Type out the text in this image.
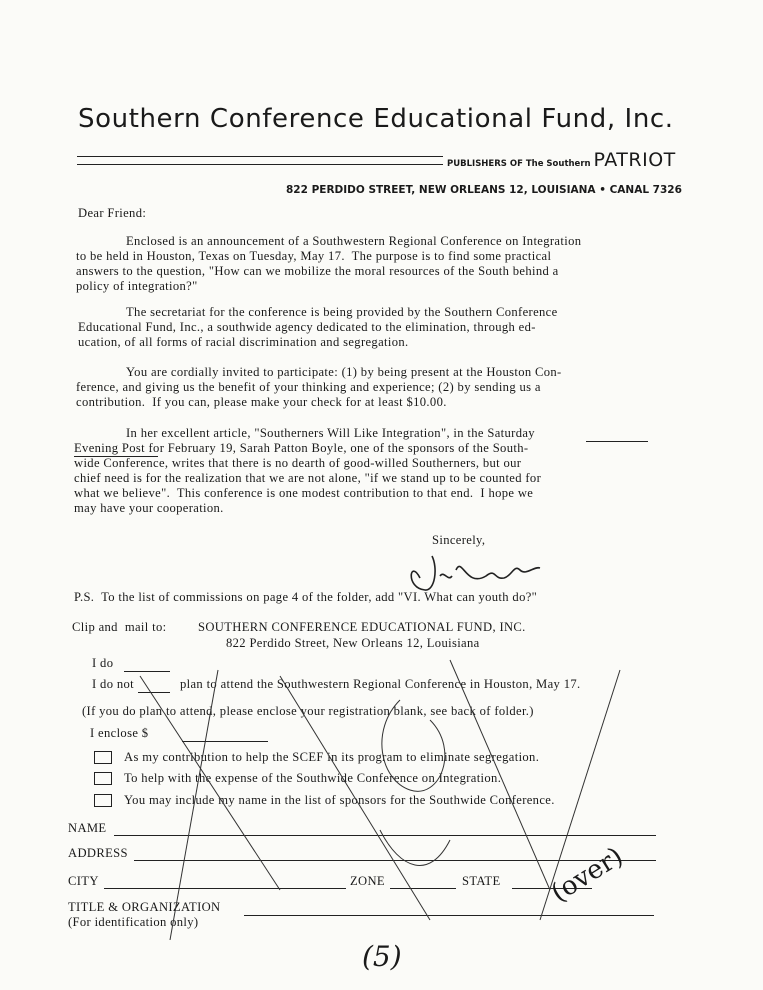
Southern Conference Educational Fund, Inc.
PUBLISHERS OF The Southern PATRIOT
822 PERDIDO STREET, NEW ORLEANS 12, LOUISIANA • CANAL 7326
Dear Friend:

Enclosed is an announcement of a Southwestern Regional Conference on Integration

to be held in Houston, Texas on Tuesday, May 17.  The purpose is to find some practical

answers to the question, "How can we mobilize the moral resources of the South behind a

policy of integration?"

The secretariat for the conference is being provided by the Southern Conference

Educational Fund, Inc., a southwide agency dedicated to the elimination, through ed-

ucation, of all forms of racial discrimination and segregation.

You are cordially invited to participate: (1) by being present at the Houston Con-

ference, and giving us the benefit of your thinking and experience; (2) by sending us a

contribution.  If you can, please make your check for at least $10.00.

In her excellent article, "Southerners Will Like Integration", in the Saturday

Evening Post for February 19, Sarah Patton Boyle, one of the sponsors of the South-

wide Conference, writes that there is no dearth of good-willed Southerners, but our

chief need is for the realization that we are not alone, "if we stand up to be counted for

what we believe".  This conference is one modest contribution to that end.  I hope we

may have your cooperation.

Sincerely,
P.S.  To the list of commissions on page 4 of the folder, add "VI. What can youth do?"
Clip and  mail to:	SOUTHERN CONFERENCE EDUCATIONAL FUND, INC.
822 Perdido Street, New Orleans 12, Louisiana
I do
I do not	plan to attend the Southwestern Regional Conference in Houston, May 17.
(If you do plan to attend, please enclose your registration blank, see back of folder.)
I enclose $
As my contribution to help the SCEF in its program to eliminate segregation.
To help with the expense of the Southwide Conference on Integration.
You may include my name in the list of sponsors for the Southwide Conference.
NAME
ADDRESS
CITY	ZONE	STATE
TITLE & ORGANIZATION
(For identification only)
(over)
(5)
